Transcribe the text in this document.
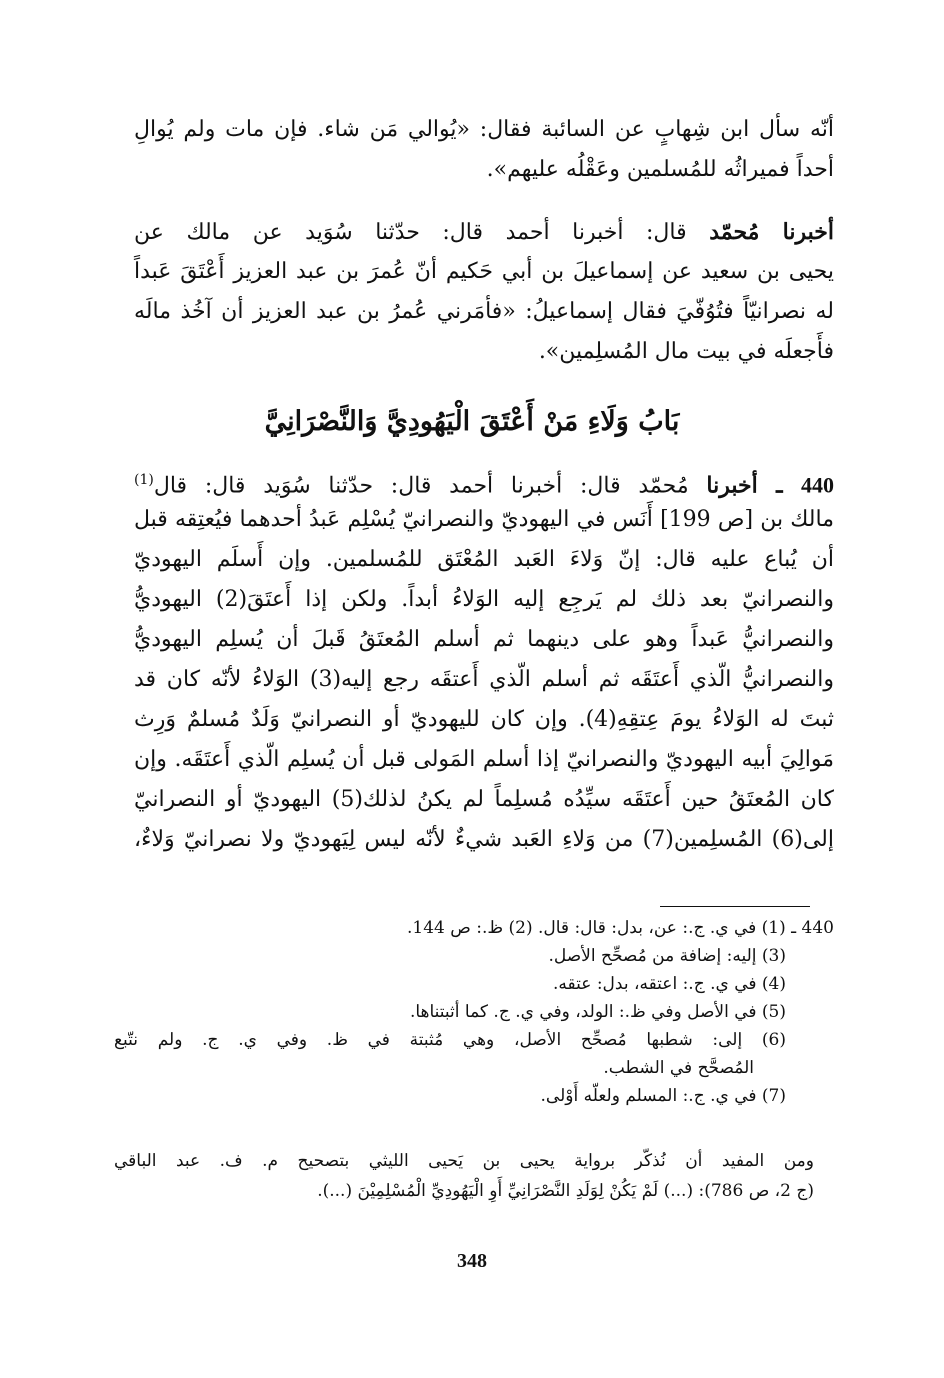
أنّه سأل ابن شِهابٍ عن السائبة فقال: «يُوالي مَن شاء. فإن مات ولم يُوالِ
أحداً فميراثُه للمُسلمين وعَقْلُه عليهم».
أخبرنا مُحمّد قال: أخبرنا أحمد قال: حدّثنا سُوَيد عن مالك عن
يحيى بن سعيد عن إسماعيلَ بن أبي حَكيم أنّ عُمرَ بن عبد العزيز أَعْتَقَ عَبداً
له نصرانيّاً فتُوُفّيَ فقال إسماعيلُ: «فأمَرني عُمرُ بن عبد العزيز أن آخُذ مالَه
فأَجعلَه في بيت مال المُسلِمين».
بَابُ وَلَاءِ مَنْ أَعْتَقَ الْيَهُودِيَّ وَالنَّصْرَانِيَّ
440 ـ أخبرنا مُحمّد قال: أخبرنا أحمد قال: حدّثنا سُوَيد قال: قال$^{(1)}$
مالك بن [ص 199] أَنَس في اليهوديّ والنصرانيّ يُسْلِم عَبدُ أحدهما فيُعتِقه قبل
أن يُباع عليه قال: إنّ وَلاءَ العَبد المُعْتَق للمُسلمين. وإن أَسلَم اليهوديّ
والنصرانيّ بعد ذلك لم يَرجِع إليه الوَلاءُ أبداً. ولكن إذا أَعتَقَ(2) اليهوديُّ
والنصرانيُّ عَبداً وهو على دينهما ثم أسلم المُعتَقُ قَبلَ أن يُسلِم اليهوديُّ
والنصرانيُّ الّذي أَعتَقَه ثم أسلم الّذي أَعتقَه رجع إليه(3) الوَلاءُ لأنّه كان قد
ثبتَ له الوَلاءُ يومَ عِتقِهِ(4). وإن كان لليهوديّ أو النصرانيّ وَلَدٌ مُسلمٌ وَرِث
مَوالِيَ أبيه اليهوديّ والنصرانيّ إذا أسلم المَولى قبل أن يُسلِم الّذي أَعتَقَه. وإن
كان المُعتَقُ حين أَعتَقَه سيِّدُه مُسلِماً لم يكنُ لذلك(5) اليهوديّ أو النصرانيّ
إلى(6) المُسلِمين(7) من وَلاءِ العَبد شيءٌ لأنّه ليس لِيَهوديّ ولا نصرانيّ وَلاءٌ،
440 ـ (1) في ي. ج.: عن، بدل: قال: قال. (2) ظ.: ص 144.
(3) إليه: إضافة من مُصحِّح الأصل.
(4) في ي. ج.: اعتقه، بدل: عتقه.
(5) في الأصل وفي ظ.: الولد، وفي ي. ج. كما أثبتناها.
(6) إلى: شطبها مُصحِّح الأصل، وهي مُثبتة في ظ. وفي ي. ج. ولم نتّبع
المُصحَّح في الشطب.
(7) في ي. ج.: المسلم ولعلّه أَوْلى.
ومن المفيد أن نُذكّر برواية يحيى بن يَحيى الليثي بتصحيح م. ف. عبد الباقي
(ج 2، ص 786): (...) لَمْ يَكُنْ لِوَلَدِ النَّصْرَانِيِّ أَوِ الْيَهُودِيِّ الْمُسْلِمِيْنَ (...).
348
